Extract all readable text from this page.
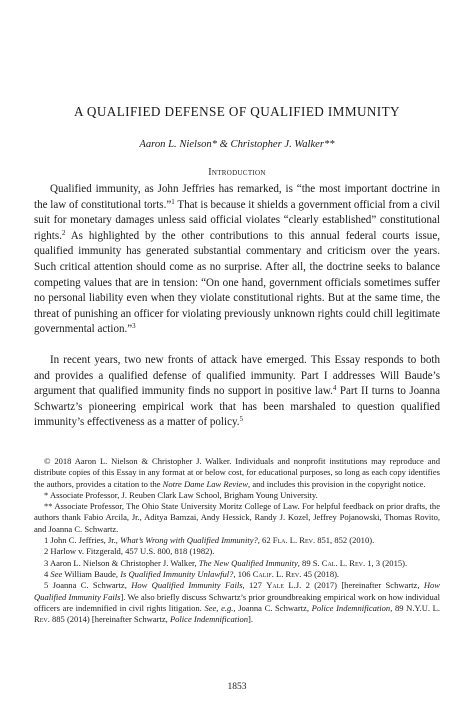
A QUALIFIED DEFENSE OF QUALIFIED IMMUNITY
Aaron L. Nielson* & Christopher J. Walker**
Introduction

Qualified immunity, as John Jeffries has remarked, is “the most important doctrine in the law of constitutional torts.”$^1$ That is because it shields a government official from a civil suit for monetary damages unless said official violates “clearly established” constitutional rights.$^2$ As highlighted by the other contributions to this annual federal courts issue, qualified immunity has generated substantial commentary and criticism over the years. Such critical attention should come as no surprise. After all, the doctrine seeks to balance competing values that are in tension: “On one hand, government officials sometimes suffer no personal liability even when they violate constitutional rights. But at the same time, the threat of punishing an officer for violating previously unknown rights could chill legitimate governmental action.”$^3$

In recent years, two new fronts of attack have emerged. This Essay responds to both and provides a qualified defense of qualified immunity. Part I addresses Will Baude’s argument that qualified immunity finds no support in positive law.$^4$ Part II turns to Joanna Schwartz’s pioneering empirical work that has been marshaled to question qualified immunity’s effectiveness as a matter of policy.$^5$

© 2018 Aaron L. Nielson & Christopher J. Walker. Individuals and nonprofit institutions may reproduce and distribute copies of this Essay in any format at or below cost, for educational purposes, so long as each copy identifies the authors, provides a citation to the Notre Dame Law Review, and includes this provision in the copyright notice.

* Associate Professor, J. Reuben Clark Law School, Brigham Young University.

** Associate Professor, The Ohio State University Moritz College of Law. For helpful feedback on prior drafts, the authors thank Fabio Arcila, Jr., Aditya Bamzai, Andy Hessick, Randy J. Kozel, Jeffrey Pojanowski, Thomas Rovito, and Joanna C. Schwartz.

1 John C. Jeffries, Jr., What’s Wrong with Qualified Immunity?, 62 Fla. L. Rev. 851, 852 (2010).

2 Harlow v. Fitzgerald, 457 U.S. 800, 818 (1982).

3 Aaron L. Nielson & Christopher J. Walker, The New Qualified Immunity, 89 S. Cal. L. Rev. 1, 3 (2015).

4 See William Baude, Is Qualified Immunity Unlawful?, 106 Calif. L. Rev. 45 (2018).

5 Joanna C. Schwartz, How Qualified Immunity Fails, 127 Yale L.J. 2 (2017) [hereinafter Schwartz, How Qualified Immunity Fails]. We also briefly discuss Schwartz’s prior groundbreaking empirical work on how individual officers are indemnified in civil rights litigation. See, e.g., Joanna C. Schwartz, Police Indemnification, 89 N.Y.U. L. Rev. 885 (2014) [hereinafter Schwartz, Police Indemnification].

1853
